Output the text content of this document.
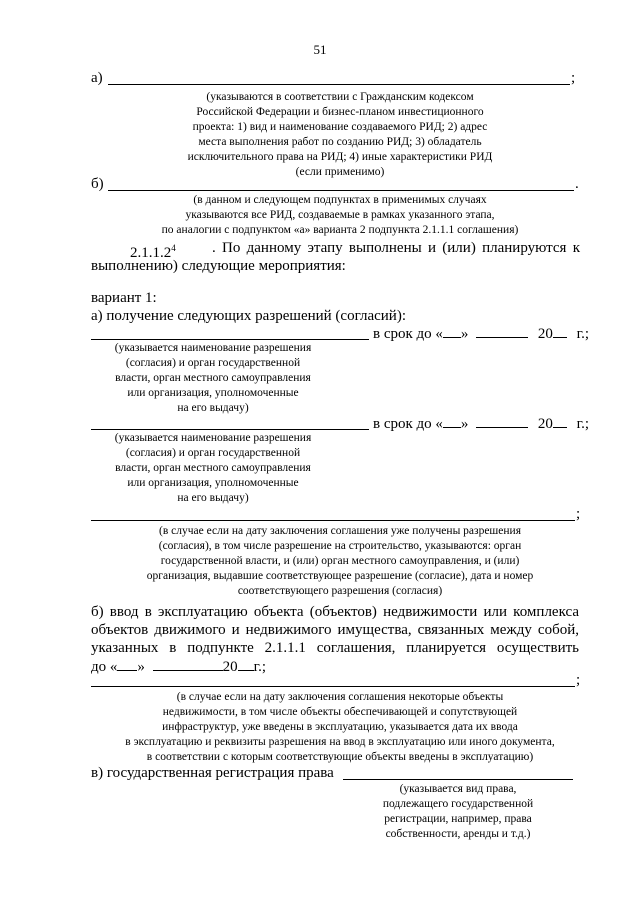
51
а)	;
(указываются в соответствии с Гражданским кодексом
Российской Федерации и бизнес-планом инвестиционного
проекта: 1) вид и наименование создаваемого РИД; 2) адрес
места выполнения работ по созданию РИД; 3) обладатель
исключительного права на РИД; 4) иные характеристики РИД
(если применимо)
б)	.
(в данном и следующем подпунктах в применимых случаях
указываются все РИД, создаваемые в рамках указанного этапа,
по аналогии с подпунктом «а» варианта 2 подпункта 2.1.1.1 соглашения)
2.1.1.2$^4$ . По данному этапу выполнены и (или) планируются к
выполнению) следующие мероприятия:
вариант 1:
а) получение следующих разрешений (согласий):
в срок до « »	20 г.;
(указывается наименование разрешения
(согласия) и орган государственной
власти, орган местного самоуправления
или организация, уполномоченные
на его выдачу)
в срок до « »	20 г.;
(указывается наименование разрешения
(согласия) и орган государственной
власти, орган местного самоуправления
или организация, уполномоченные
на его выдачу)
;
(в случае если на дату заключения соглашения уже получены разрешения
(согласия), в том числе разрешение на строительство, указываются: орган
государственной власти, и (или) орган местного самоуправления, и (или)
организация, выдавшие соответствующее разрешение (согласие), дата и номер
соответствующего разрешения (согласия)
б) ввод в эксплуатацию объекта (объектов) недвижимости или комплекса
объектов движимого и недвижимого имущества, связанных между собой,
указанных в подпункте 2.1.1.1 соглашения, планируется осуществить
до « »	20 г.;
;
(в случае если на дату заключения соглашения некоторые объекты
недвижимости, в том числе объекты обеспечивающей и сопутствующей
инфраструктур, уже введены в эксплуатацию, указывается дата их ввода
в эксплуатацию и реквизиты разрешения на ввод в эксплуатацию или иного документа,
в соответствии с которым соответствующие объекты введены в эксплуатацию)
в) государственная регистрация права
(указывается вид права,
подлежащего государственной
регистрации, например, права
собственности, аренды и т.д.)
